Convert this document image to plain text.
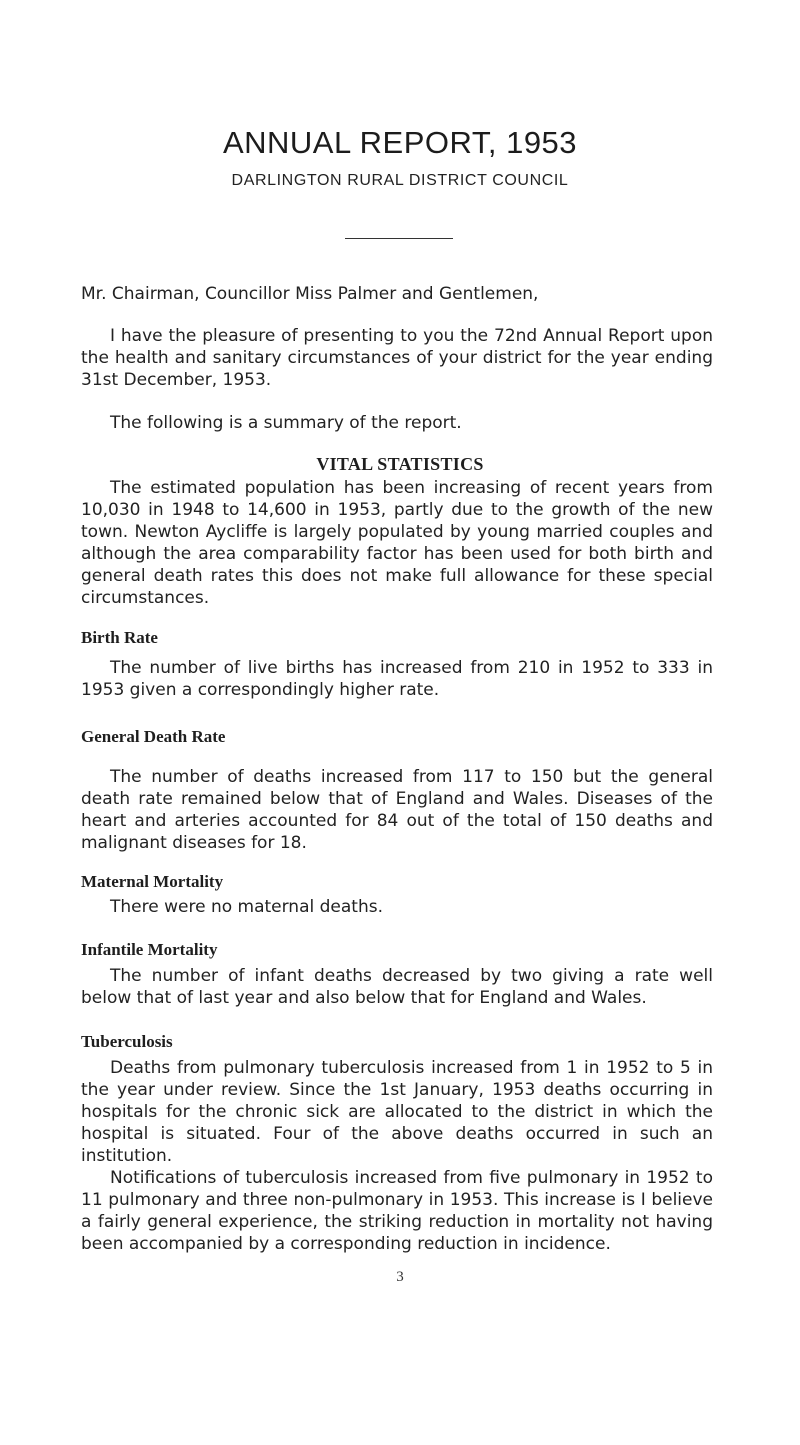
ANNUAL REPORT, 1953

DARLINGTON RURAL DISTRICT COUNCIL

Mr. Chairman, Councillor Miss Palmer and Gentlemen,

I have the pleasure of presenting to you the 72nd Annual Report upon the health and sanitary circumstances of your district for the year ending 31st December, 1953.

The following is a summary of the report.

VITAL STATISTICS

The estimated population has been increasing of recent years from 10,030 in 1948 to 14,600 in 1953, partly due to the growth of the new town. Newton Aycliffe is largely populated by young married couples and although the area comparability factor has been used for both birth and general death rates this does not make full allowance for these special circumstances.

Birth Rate

The number of live births has increased from 210 in 1952 to 333 in 1953 given a correspondingly higher rate.

General Death Rate

The number of deaths increased from 117 to 150 but the general death rate remained below that of England and Wales. Diseases of the heart and arteries accounted for 84 out of the total of 150 deaths and malignant diseases for 18.

Maternal Mortality

There were no maternal deaths.

Infantile Mortality

The number of infant deaths decreased by two giving a rate well below that of last year and also below that for England and Wales.

Tuberculosis

Deaths from pulmonary tuberculosis increased from 1 in 1952 to 5 in the year under review. Since the 1st January, 1953 deaths occurring in hospitals for the chronic sick are allocated to the district in which the hospital is situated. Four of the above deaths occurred in such an institution.

Notifications of tuberculosis increased from five pulmonary in 1952 to 11 pulmonary and three non-pulmonary in 1953. This increase is I believe a fairly general experience, the striking reduction in mortality not having been accompanied by a corresponding reduction in incidence.

3
